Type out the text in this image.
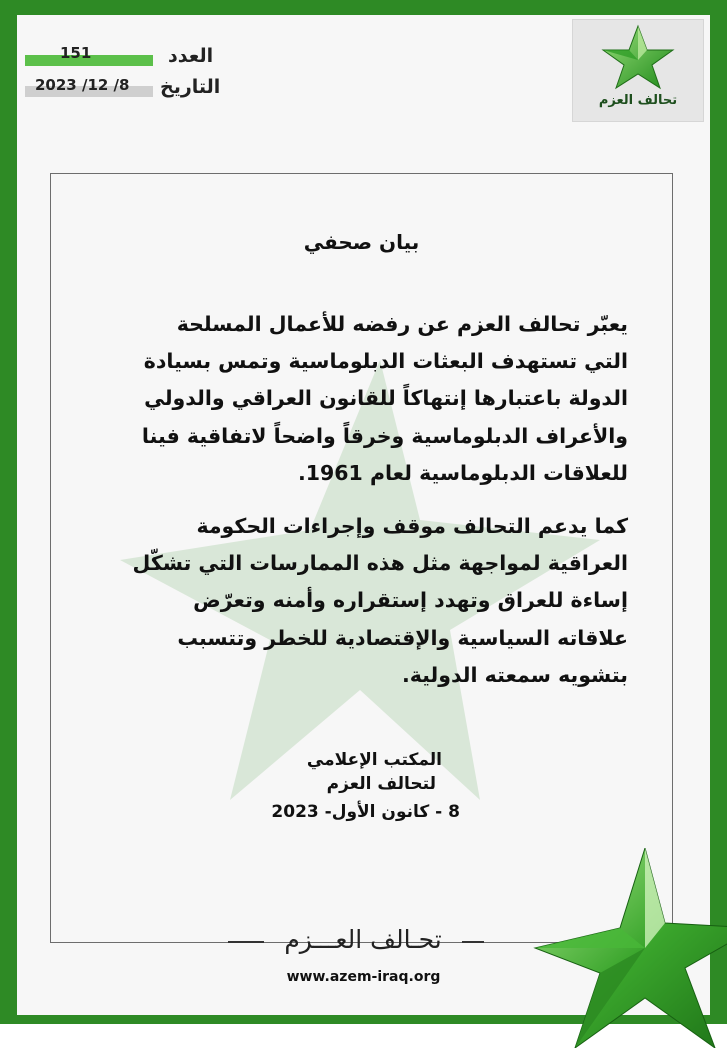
151	العدد
2023 /12 /8 التاريخ
تحالف العزم
بيان صحفي
يعبّر تحالف العزم عن رفضه للأعمال المسلحة
التي تستهدف البعثات الدبلوماسية وتمس بسيادة
الدولة باعتبارها إنتهاكاً للقانون العراقي والدولي
والأعراف الدبلوماسية وخرقاً واضحاً لاتفاقية فينا
للعلاقات الدبلوماسية لعام 1961.
كما يدعم التحالف موقف وإجراءات الحكومة
العراقية لمواجهة مثل هذه الممارسات التي تشكّل
إساءة للعراق وتهدد إستقراره وأمنه وتعرّض
علاقاته السياسية والإقتصادية للخطر وتتسبب
بتشويه سمعته الدولية.
المكتب الإعلامي
لتحالف العزم
8 - كانون الأول- 2023
تحـالف العـــزم
www.azem-iraq.org
